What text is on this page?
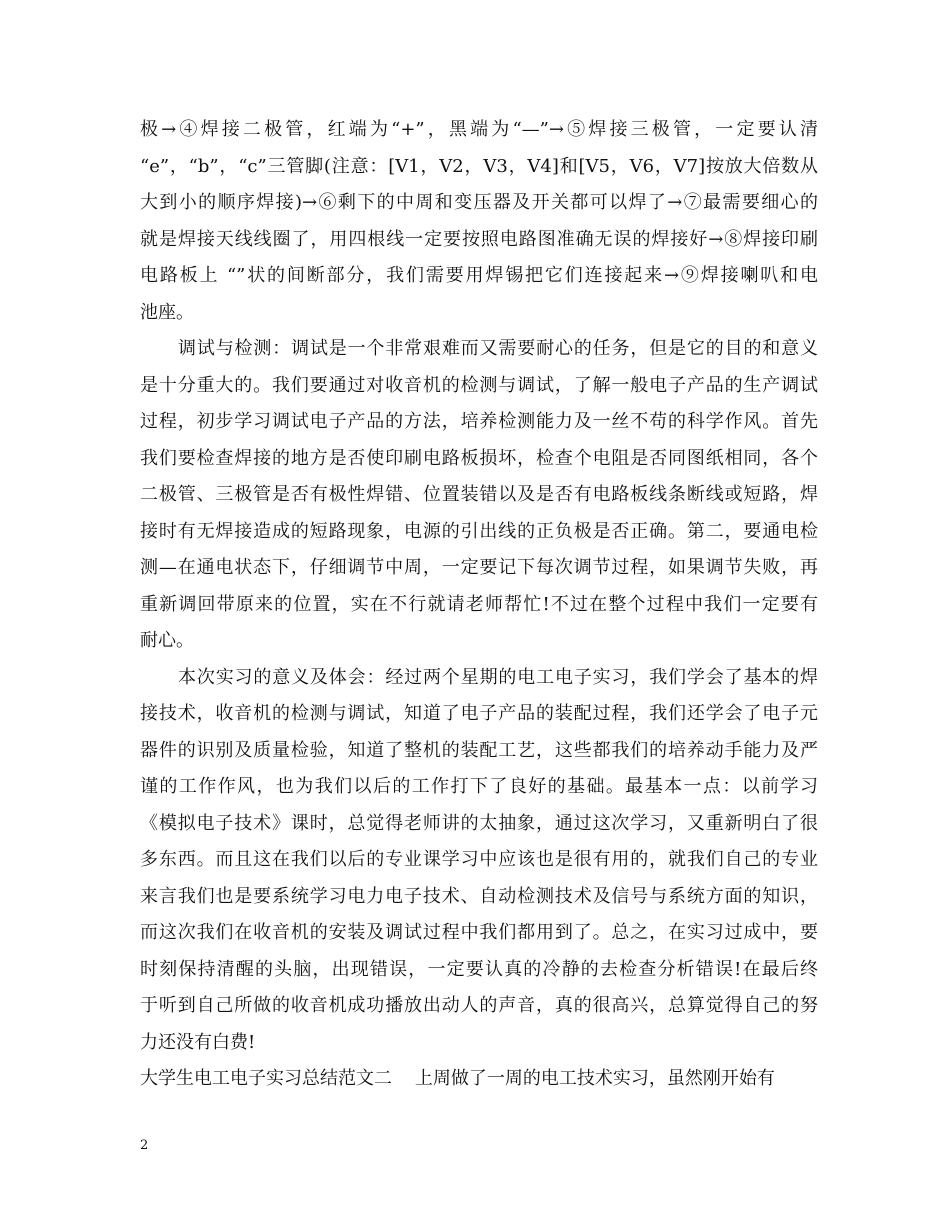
极→④焊接二极管，红端为“+”，黑端为“—”→⑤焊接三极管，一定要认清
“e”，“b”，“c”三管脚(注意：[V1，V2，V3，V4]和[V5，V6，V7]按放大倍数从
大到小的顺序焊接)→⑥剩下的中周和变压器及开关都可以焊了→⑦最需要细心的
就是焊接天线线圈了，用四根线一定要按照电路图准确无误的焊接好→⑧焊接印刷
电路板上 “”状的间断部分，我们需要用焊锡把它们连接起来→⑨焊接喇叭和电
池座。
调试与检测：调试是一个非常艰难而又需要耐心的任务，但是它的目的和意义
是十分重大的。我们要通过对收音机的检测与调试，了解一般电子产品的生产调试
过程，初步学习调试电子产品的方法，培养检测能力及一丝不苟的科学作风。首先
我们要检查焊接的地方是否使印刷电路板损坏，检查个电阻是否同图纸相同，各个
二极管、三极管是否有极性焊错、位置装错以及是否有电路板线条断线或短路，焊
接时有无焊接造成的短路现象，电源的引出线的正负极是否正确。第二，要通电检
测—在通电状态下，仔细调节中周，一定要记下每次调节过程，如果调节失败，再
重新调回带原来的位置，实在不行就请老师帮忙!不过在整个过程中我们一定要有
耐心。
本次实习的意义及体会：经过两个星期的电工电子实习，我们学会了基本的焊
接技术，收音机的检测与调试，知道了电子产品的装配过程，我们还学会了电子元
器件的识别及质量检验，知道了整机的装配工艺，这些都我们的培养动手能力及严
谨的工作作风，也为我们以后的工作打下了良好的基础。最基本一点：以前学习
《模拟电子技术》课时，总觉得老师讲的太抽象，通过这次学习，又重新明白了很
多东西。而且这在我们以后的专业课学习中应该也是很有用的，就我们自己的专业
来言我们也是要系统学习电力电子技术、自动检测技术及信号与系统方面的知识，
而这次我们在收音机的安装及调试过程中我们都用到了。总之，在实习过成中，要
时刻保持清醒的头脑，出现错误，一定要认真的冷静的去检查分析错误!在最后终
于听到自己所做的收音机成功播放出动人的声音，真的很高兴，总算觉得自己的努
力还没有白费!
大学生电工电子实习总结范文二    上周做了一周的电工技术实习，虽然刚开始有
2
